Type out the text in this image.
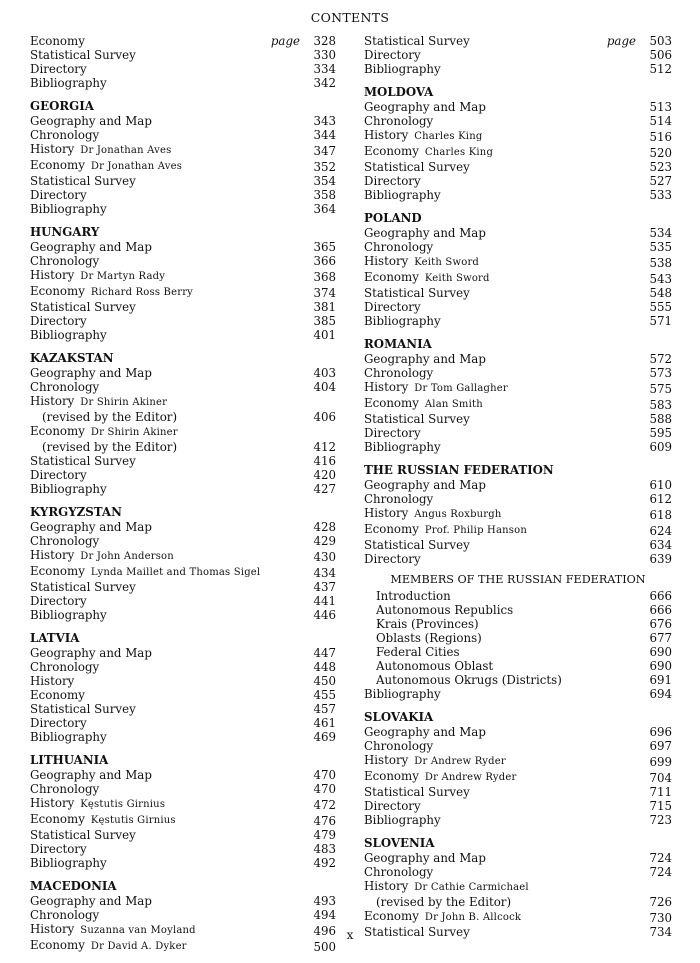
CONTENTS
Economy	page 328
Statistical Survey	330
Directory	334
Bibliography	342
GEORGIA
Geography and Map	343
Chronology	344
History Dr Jonathan Aves	347
Economy Dr Jonathan Aves	352
Statistical Survey	354
Directory	358
Bibliography	364
HUNGARY
Geography and Map	365
Chronology	366
History Dr Martyn Rady	368
Economy Richard Ross Berry	374
Statistical Survey	381
Directory	385
Bibliography	401
KAZAKSTAN
Geography and Map	403
Chronology	404
History Dr Shirin Akiner
(revised by the Editor)	406
Economy Dr Shirin Akiner
(revised by the Editor)	412
Statistical Survey	416
Directory	420
Bibliography	427
KYRGYZSTAN
Geography and Map	428
Chronology	429
History Dr John Anderson	430
Economy Lynda Maillet and Thomas Sigel	434
Statistical Survey	437
Directory	441
Bibliography	446
LATVIA
Geography and Map	447
Chronology	448
History	450
Economy	455
Statistical Survey	457
Directory	461
Bibliography	469
LITHUANIA
Geography and Map	470
Chronology	470
History Kęstutis Girnius	472
Economy Kęstutis Girnius	476
Statistical Survey	479
Directory	483
Bibliography	492
MACEDONIA
Geography and Map	493
Chronology	494
History Suzanna van Moyland	496
Economy Dr David A. Dyker	500
Statistical Survey	page 503
Directory	506
Bibliography	512
MOLDOVA
Geography and Map	513
Chronology	514
History Charles King	516
Economy Charles King	520
Statistical Survey	523
Directory	527
Bibliography	533
POLAND
Geography and Map	534
Chronology	535
History Keith Sword	538
Economy Keith Sword	543
Statistical Survey	548
Directory	555
Bibliography	571
ROMANIA
Geography and Map	572
Chronology	573
History Dr Tom Gallagher	575
Economy Alan Smith	583
Statistical Survey	588
Directory	595
Bibliography	609
THE RUSSIAN FEDERATION
Geography and Map	610
Chronology	612
History Angus Roxburgh	618
Economy Prof. Philip Hanson	624
Statistical Survey	634
Directory	639
MEMBERS OF THE RUSSIAN FEDERATION
Introduction	666
Autonomous Republics	666
Krais (Provinces)	676
Oblasts (Regions)	677
Federal Cities	690
Autonomous Oblast	690
Autonomous Okrugs (Districts)	691
Bibliography	694
SLOVAKIA
Geography and Map	696
Chronology	697
History Dr Andrew Ryder	699
Economy Dr Andrew Ryder	704
Statistical Survey	711
Directory	715
Bibliography	723
SLOVENIA
Geography and Map	724
Chronology	724
History Dr Cathie Carmichael
(revised by the Editor)	726
Economy Dr John B. Allcock	730
Statistical Survey	734
x
